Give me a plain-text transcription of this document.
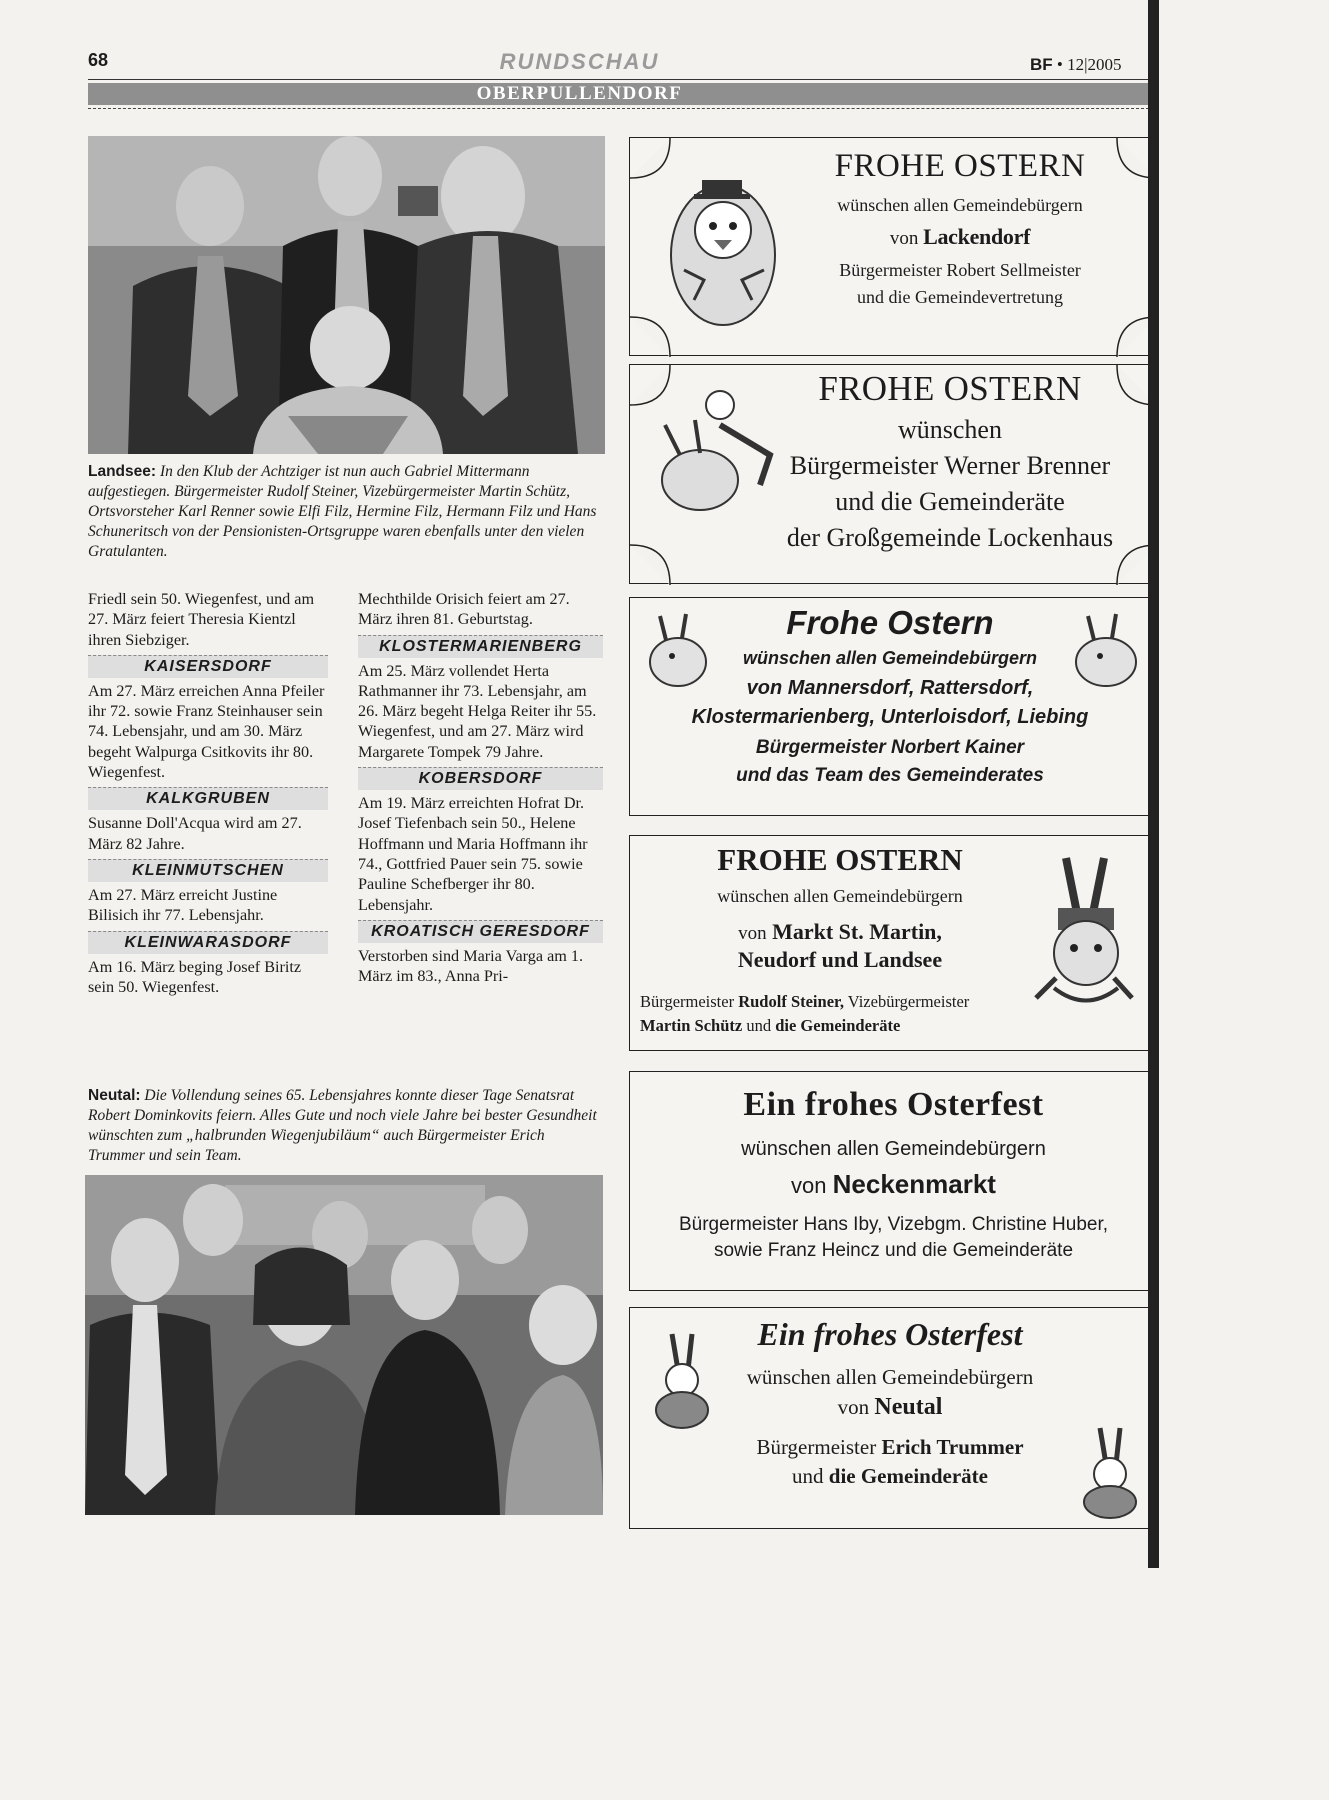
68	RUNDSCHAU	BF • 12|2005
OBERPULLENDORF
Landsee: In den Klub der Achtziger ist nun auch Gabriel Mittermann aufgestiegen. Bürgermeister Rudolf Steiner, Vizebürgermeister Martin Schütz, Ortsvorsteher Karl Renner sowie Elfi Filz, Hermine Filz, Hermann Filz und Hans Schuneritsch von der Pensionisten-Ortsgruppe waren ebenfalls unter den vielen Gratulanten.

Friedl sein 50. Wiegenfest, und am 27. März feiert Theresia Kientzl ihren Siebziger.

KAISERSDORF

Am 27. März erreichen Anna Pfeiler ihr 72. sowie Franz Steinhauser sein 74. Lebensjahr, und am 30. März begeht Walpurga Csitkovits ihr 80. Wiegenfest.

KALKGRUBEN

Susanne Doll'Acqua wird am 27. März 82 Jahre.

KLEINMUTSCHEN

Am 27. März erreicht Justine Bilisich ihr 77. Lebensjahr.

KLEINWARASDORF

Am 16. März beging Josef Biritz sein 50. Wiegenfest.

Mechthilde Orisich feiert am 27. März ihren 81. Geburtstag.

KLOSTERMARIENBERG

Am 25. März vollendet Herta Rathmanner ihr 73. Lebensjahr, am 26. März begeht Helga Reiter ihr 55. Wiegenfest, und am 27. März wird Margarete Tompek 79 Jahre.

KOBERSDORF

Am 19. März erreichten Hofrat Dr. Josef Tiefenbach sein 50., Helene Hoffmann und Maria Hoffmann ihr 74., Gottfried Pauer sein 75. sowie Pauline Schefberger ihr 80. Lebensjahr.

KROATISCH GERESDORF

Verstorben sind Maria Varga am 1. März im 83., Anna Pri-

Neutal: Die Vollendung seines 65. Lebensjahres konnte dieser Tage Senatsrat Robert Dominkovits feiern. Alles Gute und noch viele Jahre bei bester Gesundheit wünschten zum „halbrunden Wiegenjubiläum“ auch Bürgermeister Erich Trummer und sein Team.
FROHE OSTERN
wünschen allen Gemeindebürgern
von Lackendorf
Bürgermeister Robert Sellmeister
und die Gemeindevertretung
FROHE OSTERN
wünschen
Bürgermeister Werner Brenner
und die Gemeinderäte
der Großgemeinde Lockenhaus
Frohe Ostern
wünschen allen Gemeindebürgern
von Mannersdorf, Rattersdorf,
Klostermarienberg, Unterloisdorf, Liebing
Bürgermeister Norbert Kainer
und das Team des Gemeinderates
FROHE OSTERN
wünschen allen Gemeindebürgern
von Markt St. Martin,
Neudorf und Landsee
Bürgermeister Rudolf Steiner, Vizebürgermeister
Martin Schütz und die Gemeinderäte
Ein frohes Osterfest
wünschen allen Gemeindebürgern
von Neckenmarkt
Bürgermeister Hans Iby, Vizebgm. Christine Huber,
sowie Franz Heincz und die Gemeinderäte
Ein frohes Osterfest
wünschen allen Gemeindebürgern
von Neutal
Bürgermeister Erich Trummer
und die Gemeinderäte
